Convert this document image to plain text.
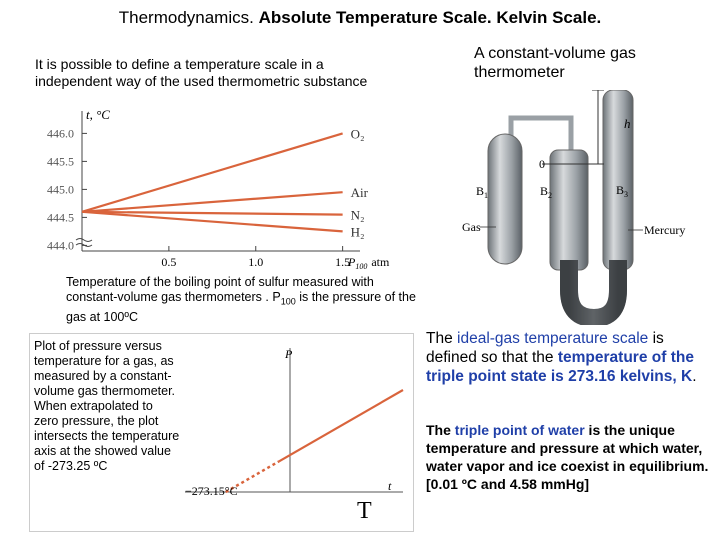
Thermodynamics. Absolute Temperature Scale. Kelvin Scale.
It is possible to define a temperature scale in a
independent way of the used thermometric substance
A constant-volume gas
thermometer
t, °C
446.0
445.5
445.0
444.5
444.0
0.5	1.0	1.5
O₂
Air
N₂
H₂
$P_{100}$ atm
Temperature of the boiling point of sulfur measured with constant-volume gas thermometers . $P_{100}$ is the pressure of the gas at 100ºC
h
0
$B_1$	$B_2$	$B_3$
Gas	Mercury
Plot of pressure versus temperature for a gas, as measured by a constant-volume gas thermometer. When extrapolated to zero pressure, the plot intersects the temperature axis at the showed value of -273.25 ºC
P
t
−273.15°C
T
The ideal-gas temperature scale is defined so that the temperature of the triple point state is 273.16 kelvins, K.
The triple point of water is the unique temperature and pressure at which water, water vapor and ice coexist in equilibrium. [0.01 ºC and 4.58 mmHg]
